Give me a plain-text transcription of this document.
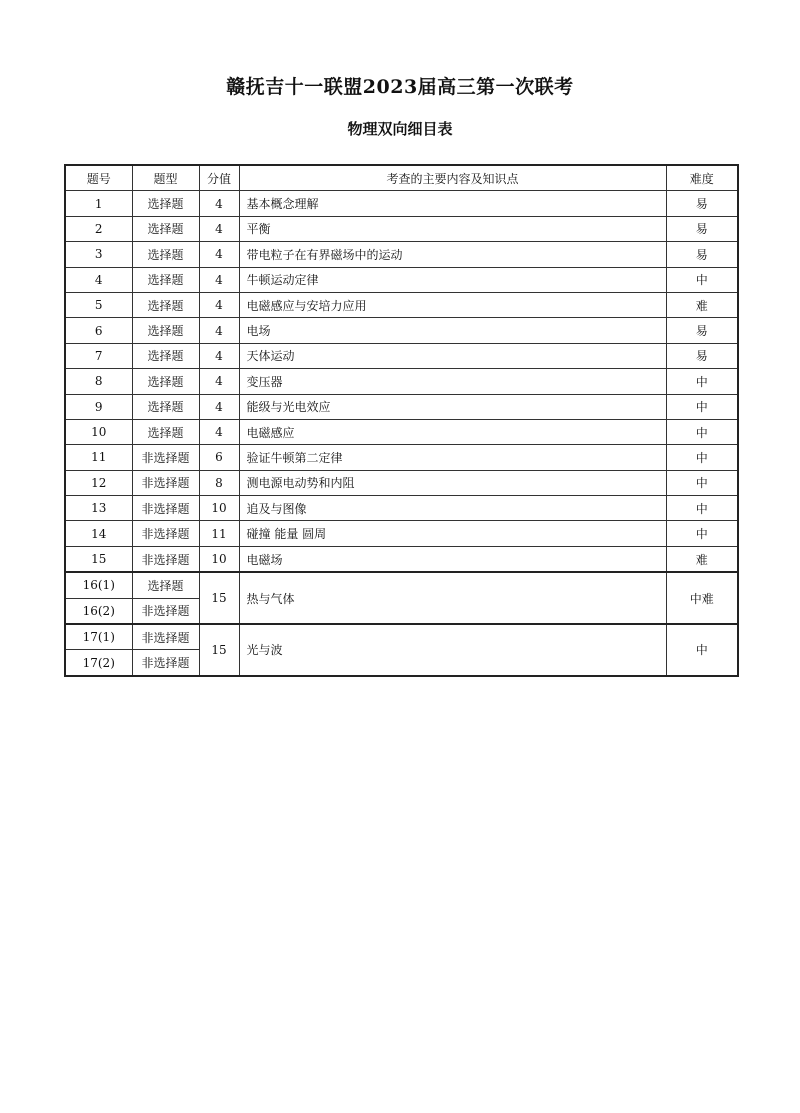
赣抚吉十一联盟2023届高三第一次联考
物理双向细目表
题号	题型	分值	考查的主要内容及知识点	难度
1	选择题	4	基本概念理解	易
2	选择题	4	平衡	易
3	选择题	4	带电粒子在有界磁场中的运动	易
4	选择题	4	牛顿运动定律	中
5	选择题	4	电磁感应与安培力应用	难
6	选择题	4	电场	易
7	选择题	4	天体运动	易
8	选择题	4	变压器	中
9	选择题	4	能级与光电效应	中
10	选择题	4	电磁感应	中
11	非选择题	6	验证牛顿第二定律	中
12	非选择题	8	测电源电动势和内阻	中
13	非选择题	10	追及与图像	中
14	非选择题	11	碰撞 能量 圆周	中
15	非选择题	10	电磁场	难
16(1)	选择题	15	热与气体	中难
16(2)	非选择题			
17(1)	非选择题	15	光与波	中
17(2)	非选择题			
